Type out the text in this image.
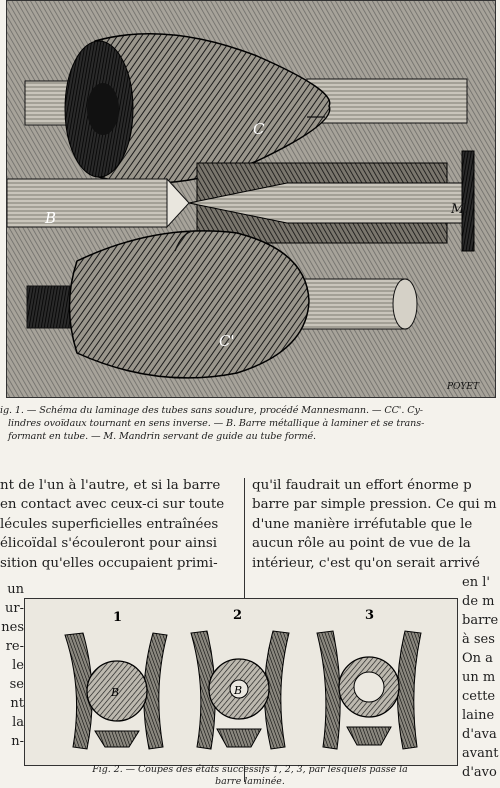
C
B	M.
C'
POYET

ig. 1. — Schéma du laminage des tubes sans soudure, procédé Mannesmann. — CC'. Cy-

lindres ovoïdaux tournant en sens inverse. — B. Barre métallique à laminer et se trans-

formant en tube. — M. Mandrin servant de guide au tube formé.

nt de l'un à l'autre, et si la barre

en contact avec ceux-ci sur toute

lécules superficielles entraînées

élicoïdal s'écouleront pour ainsi

sition qu'elles occupaient primi-

qu'il faudrait un effort énorme p

barre par simple pression. Ce qui m

d'une manière irréfutable que le

aucun rôle au point de vue de la

intérieur, c'est qu'on serait arrivé

un
ur-
nes
re-
le
se
nt
la
n-
en l'
de m
barre
à ses
On a
un m
cette
laine
d'ava
avant
d'avo
1	2	3
B	B

Fig. 2. — Coupes des états successifs 1, 2, 3, par lesquels passe la

barre laminée.
